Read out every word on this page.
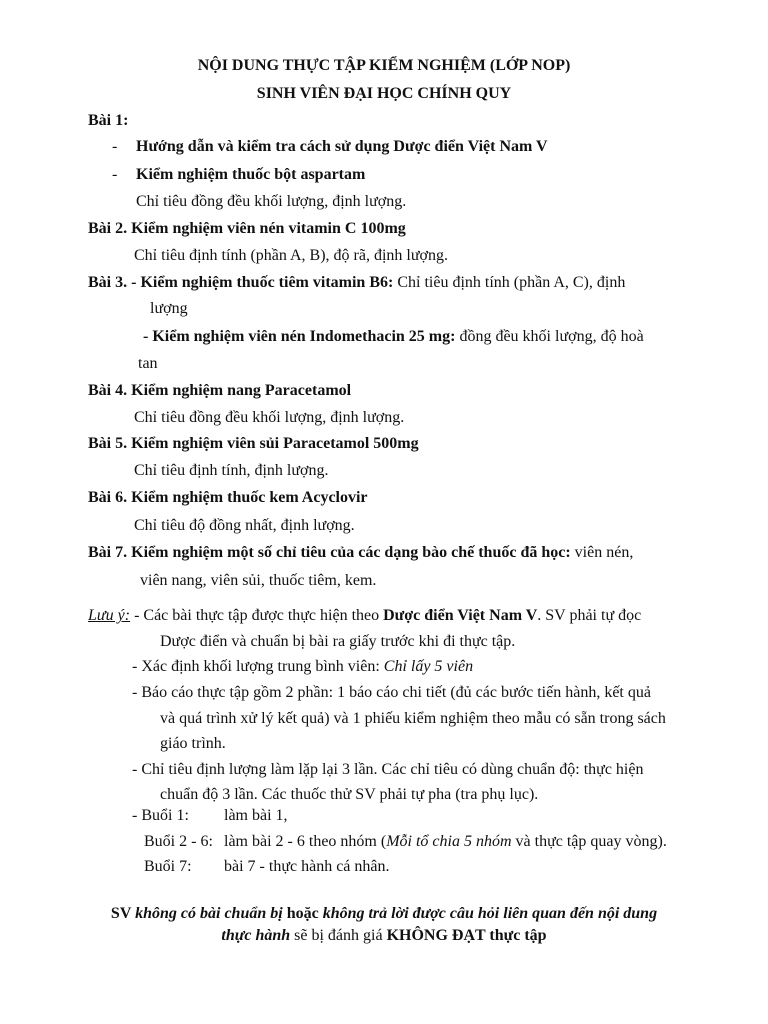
NỘI DUNG THỰC TẬP KIỂM NGHIỆM (LỚP NOP)
SINH VIÊN ĐẠI HỌC CHÍNH QUY
Bài 1:
- Hướng dẫn và kiểm tra cách sử dụng Dược điển Việt Nam V
- Kiểm nghiệm thuốc bột aspartam
Chỉ tiêu đồng đều khối lượng, định lượng.
Bài 2. Kiểm nghiệm viên nén vitamin C 100mg
Chỉ tiêu định tính (phần A, B), độ rã, định lượng.
Bài 3. - Kiểm nghiệm thuốc tiêm vitamin B6: Chỉ tiêu định tính (phần A, C), định
lượng
- Kiểm nghiệm viên nén Indomethacin 25 mg: đồng đều khối lượng, độ hoà
tan
Bài 4. Kiểm nghiệm nang Paracetamol
Chỉ tiêu đồng đều khối lượng, định lượng.
Bài 5. Kiểm nghiệm viên sủi Paracetamol 500mg
Chỉ tiêu định tính, định lượng.
Bài 6. Kiểm nghiệm thuốc kem Acyclovir
Chỉ tiêu độ đồng nhất, định lượng.
Bài 7. Kiểm nghiệm một số chỉ tiêu của các dạng bào chế thuốc đã học: viên nén,
viên nang, viên sủi, thuốc tiêm, kem.
Lưu ý: - Các bài thực tập được thực hiện theo Dược điển Việt Nam V. SV phải tự đọc
Dược điển và chuẩn bị bài ra giấy trước khi đi thực tập.
- Xác định khối lượng trung bình viên: Chỉ lấy 5 viên
- Báo cáo thực tập gồm 2 phần: 1 báo cáo chi tiết (đủ các bước tiến hành, kết quả
và quá trình xử lý kết quả) và 1 phiếu kiểm nghiệm theo mẫu có sẵn trong sách
giáo trình.
- Chỉ tiêu định lượng làm lặp lại 3 lần. Các chỉ tiêu có dùng chuẩn độ: thực hiện
chuẩn độ 3 lần. Các thuốc thử SV phải tự pha (tra phụ lục).
- Buổi 1: làm bài 1,
Buổi 2 - 6: làm bài 2 - 6 theo nhóm (Mỗi tổ chia 5 nhóm và thực tập quay vòng).
Buổi 7: bài 7 - thực hành cá nhân.
SV không có bài chuẩn bị hoặc không trả lời được câu hỏi liên quan đến nội dung
thực hành sẽ bị đánh giá KHÔNG ĐẠT thực tập
